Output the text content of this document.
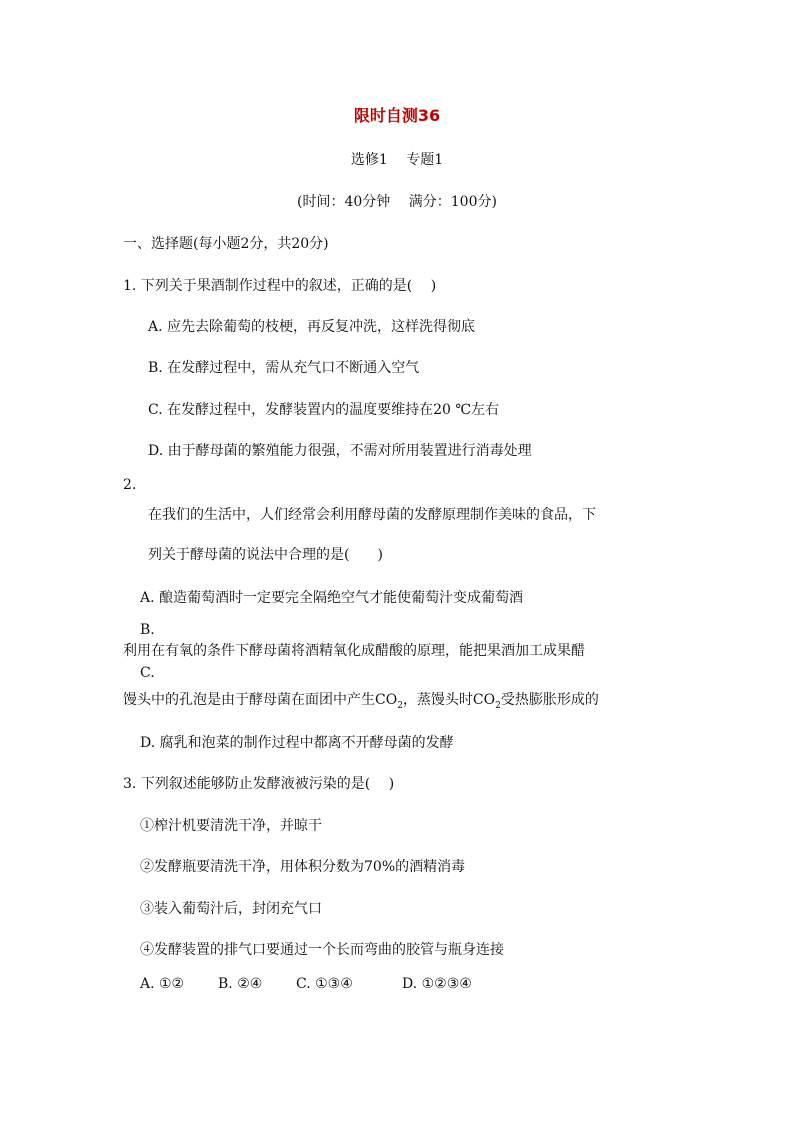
限时自测36
选修1　 专题1
(时间：40分钟　 满分：100分)
一、选择题(每小题2分，共20分)
1. 下列关于果酒制作过程中的叙述，正确的是(　 )
A. 应先去除葡萄的枝梗，再反复冲洗，这样洗得彻底
B. 在发酵过程中，需从充气口不断通入空气
C. 在发酵过程中，发酵装置内的温度要维持在20 ℃左右
D. 由于酵母菌的繁殖能力很强，不需对所用装置进行消毒处理
2.
在我们的生活中，人们经常会利用酵母菌的发酵原理制作美味的食品，下
列关于酵母菌的说法中合理的是(　　)
A. 酿造葡萄酒时一定要完全隔绝空气才能使葡萄汁变成葡萄酒
B.
利用在有氧的条件下酵母菌将酒精氧化成醋酸的原理，能把果酒加工成果醋
C.
馒头中的孔泡是由于酵母菌在面团中产生$CO_2$，蒸馒头时$CO_2$受热膨胀形成的
D. 腐乳和泡菜的制作过程中都离不开酵母菌的发酵
3. 下列叙述能够防止发酵液被污染的是(　 )
①榨汁机要清洗干净，并晾干
②发酵瓶要清洗干净，用体积分数为70%的酒精消毒
③装入葡萄汁后，封闭充气口
④发酵装置的排气口要通过一个长而弯曲的胶管与瓶身连接
A. ①② B. ②④ C. ①③④	D. ①②③④
